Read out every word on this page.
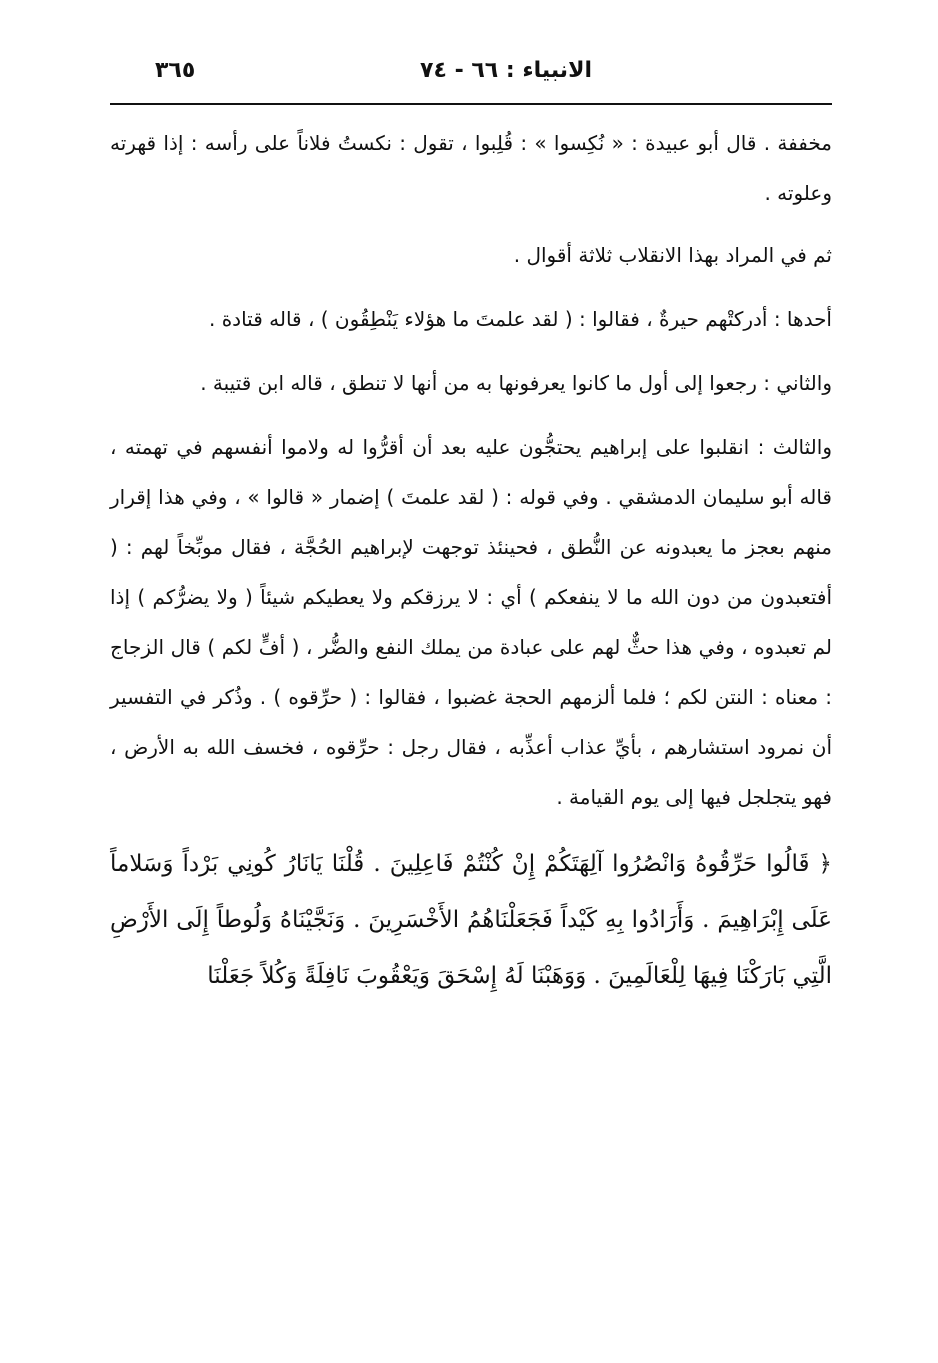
الانبياء : ٦٦ - ٧٤
٣٦٥

مخففة . قال أبو عبيدة : « نُكِسوا » : قُلِبوا ، تقول : نكستُ فلاناً على رأسه : إذا قهرته وعلوته .

ثم في المراد بهذا الانقلاب ثلاثة أقوال .

أحدها : أدركتْهم حيرةٌ ، فقالوا : ( لقد علمتَ ما هؤلاء يَنْطِقُون ) ، قاله قتادة .

والثاني : رجعوا إلى أول ما كانوا يعرفونها به من أنها لا تنطق ، قاله ابن قتيبة .

والثالث : انقلبوا على إبراهيم يحتجُّون عليه بعد أن أقرُّوا له ولاموا أنفسهم في تهمته ، قاله أبو سليمان الدمشقي . وفي قوله : ( لقد علمتَ ) إضمار « قالوا » ، وفي هذا إقرار منهم بعجز ما يعبدونه عن النُّطق ، فحينئذ توجهت لإبراهيم الحُجَّة ، فقال موبِّخاً لهم : ( أفتعبدون من دون الله ما لا ينفعكم ) أي : لا يرزقكم ولا يعطيكم شيئاً ( ولا يضرُّكم ) إذا لم تعبدوه ، وفي هذا حثٌّ لهم على عبادة من يملك النفع والضُّر ، ( أفٍّ لكم ) قال الزجاج : معناه : النتن لكم ؛ فلما ألزمهم الحجة غضبوا ، فقالوا : ( حرِّقوه ) . وذُكر في التفسير أن نمرود استشارهم ، بأيِّ عذاب أعذِّبه ، فقال رجل : حرِّقوه ، فخسف الله به الأرض ، فهو يتجلجل فيها إلى يوم القيامة .

﴿ قَالُوا حَرِّقُوهُ وَانْصُرُوا آلِهَتَكُمْ إِنْ كُنْتُمْ فَاعِلِينَ . قُلْنَا يَانَارُ كُونِي بَرْداً وَسَلاماً عَلَى إِبْرَاهِيمَ . وَأَرَادُوا بِهِ كَيْداً فَجَعَلْنَاهُمُ الأَخْسَرِينَ . وَنَجَّيْنَاهُ وَلُوطاً إِلَى الأَرْضِ الَّتِي بَارَكْنَا فِيهَا لِلْعَالَمِينَ . وَوَهَبْنَا لَهُ إِسْحَقَ وَيَعْقُوبَ نَافِلَةً وَكُلاً جَعَلْنَا
